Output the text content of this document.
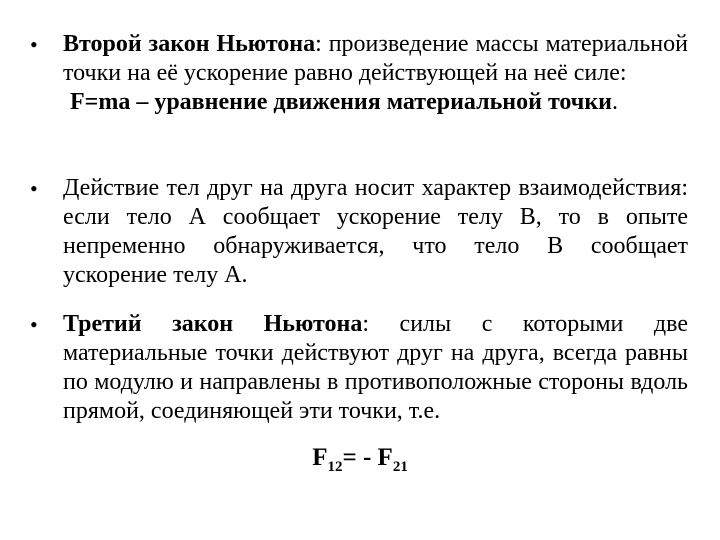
•	Второй закон Ньютона: произведение массы материальной точки на её ускорение равно действующей на неё силе:
F=ma – уравнение движения материальной точки.
•	Действие тел друг на друга носит характер взаимодействия: если тело А сообщает ускорение телу В, то в опыте непременно обнаруживается, что тело В сообщает ускорение телу А.
•	Третий закон Ньютона: силы с которыми две материальные точки действуют друг на друга, всегда равны по модулю и направлены в противоположные стороны вдоль прямой, соединяющей эти точки, т.е.
$F_{12}= - F_{21}$
